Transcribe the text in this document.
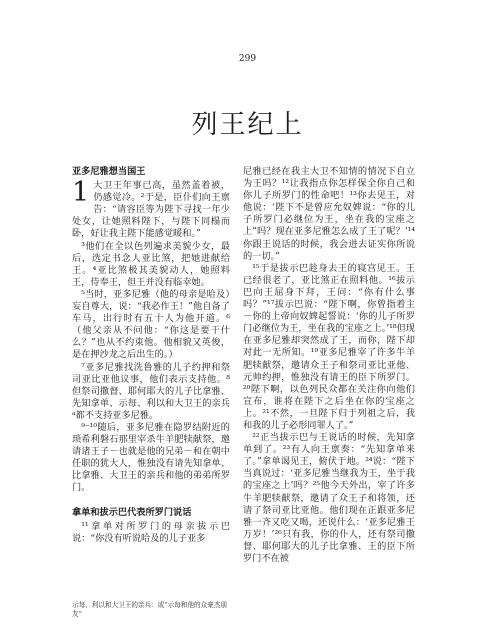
299
列王纪上
亚多尼雅想当国王
1 大卫王年事已高，虽然盖着被，仍感觉冷。²于是，臣仆们向王禀告：“请容臣等为陛下寻找一年少处女，让她照料陛下，与陛下同榻而卧，好让我主陛下能感觉暖和。”

³他们在全以色列遍求美貌少女，最后，选定书念人亚比煞，把她进献给王。⁴亚比煞极其美貌动人，她照料王，侍奉王，但王并没有临幸她。

⁵当时，亚多尼雅（他的母亲是哈及）妄自尊大，说：“我必作王！”他自备了车马，出行时有五十人为他开道。⁶（他父亲从不问他：“你这是要干什么？”也从不约束他。他相貌又英俊，是在押沙龙之后出生的。）

⁷亚多尼雅找洗鲁雅的儿子约押和祭司亚比亚他议事，他们表示支持他。⁸但祭司撒督、耶何耶大的儿子比拿雅、先知拿单、示每、利以和大卫王的亲兵ᵃ都不支持亚多尼雅。

⁹⁻¹⁰随后，亚多尼雅在隐罗结附近的琐希利磐石那里宰杀牛羊肥犊献祭，邀请诸王子－也就是他的兄弟－和在朝中任职的犹大人，惟独没有请先知拿单、比拿雅、大卫王的亲兵和他的弟弟所罗门。

拿单和拔示巴代表所罗门说话

¹¹拿单对所罗门的母亲拔示巴说：“你没有听说哈及的儿子亚多

尼雅已经在我主大卫不知情的情况下自立为王吗？¹²让我指点你怎样保全你自己和你儿子所罗门的性命吧！¹³你去见王，对他说：‘陛下不是曾应允奴婢说：“你的儿子所罗门必继位为王，坐在我的宝座之上”吗？现在亚多尼雅怎么成了王了呢？’¹⁴你跟王说话的时候，我会进去证实你所说的一切。”

¹⁵于是拔示巴趁身去王的寝宫见王。王已经很老了，亚比煞正在照料他。¹⁶拔示巴向王屈身下拜，王问：“你有什么事吗？”¹⁷拔示巴说：“陛下啊，你曾指着主－你的上帝向奴婢起誓说：‘你的儿子所罗门必继位为王，坐在我的宝座之上。’¹⁸但现在亚多尼雅却突然成了王，而你，陛下却对此一无所知。¹⁹亚多尼雅宰了许多牛羊肥犊献祭，邀请众王子和祭司亚比亚他、元帅约押，惟独没有请王的臣下所罗门。²⁰陛下啊，以色列民众都在关注你向他们宣布，谁将在陛下之后坐在你的宝座之上。²¹不然，一旦陛下归于列祖之后，我和我的儿子必形同罪人了。”

²²正当拔示巴与王说话的时候，先知拿单到了。²³有人向王禀奏：“先知拿单来了。”拿单谒见王，俯伏于地。²⁴说：“陛下当真说过：‘亚多尼雅当继我为王，坐于我的宝座之上’吗？²⁵他今天外出，宰了许多牛羊肥犊献祭，邀请了众王子和将领，还请了祭司亚比亚他。他们现在正跟亚多尼雅一齐又吃又喝，还说什么：‘亚多尼雅王万岁！’²⁶只有我，你的仆人，还有祭司撒督、耶何耶大的儿子比拿雅、王的臣下所罗门不在被

示每、利以和大卫王的亲兵：或“示每和他的众豪杰朋友”
